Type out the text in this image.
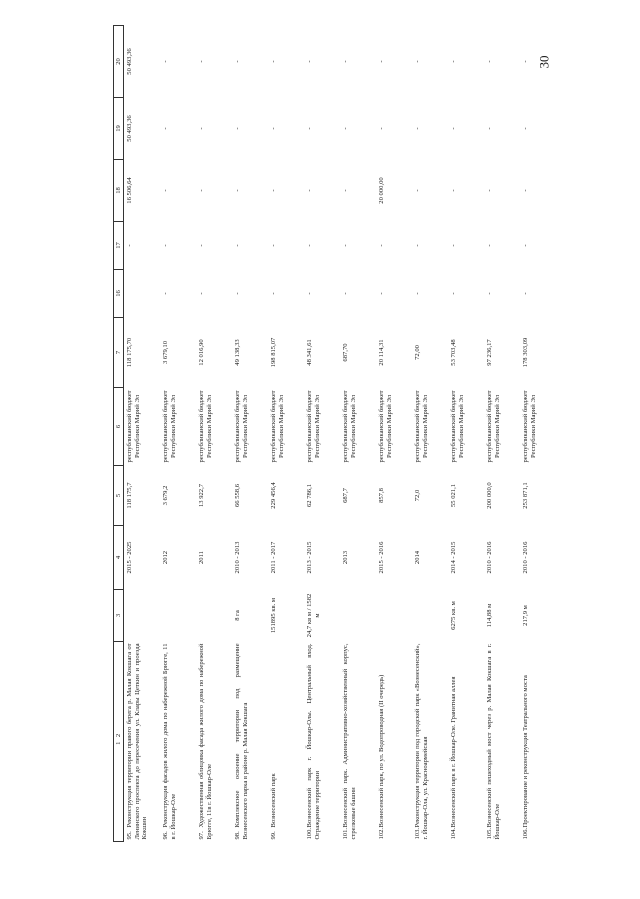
30
12	3	4	5	6	7	16	17	18	19	20
95.Реконструкция территории правого берега р. Малая Кокшага от Ленинского проспекта до пересечения ул. Клары Цеткин и проезда Кокшин		2015 - 2025	118 175,7	республиканский бюджет Республики Марий Эл	118 175,70		-	16 506,64	50 493,36	50 493,36
96.Реконструкция фасадов жилого дома по набережной Брюгге, 11 в г. Йошкар-Оле		2012	3 679,2	республиканский бюджет Республики Марий Эл	3 679,10	-	-	-	-	-
97.Художественная облицовка фасада жилого дома по набережной Брюгге, 11в г. Йошкар-Оле		2011	13 922,7	республиканский бюджет Республики Марий Эл	12 016,90	-	-	-	-	-
98.Комплексное освоение территории под размещение Вознесенского парка в районе р. Малая Кокшага	8 га	2010 - 2013	66 558,6	республиканский бюджет Республики Марий Эл	49 138,33	-	-	-	-	-
99.Вознесенский парк	151895 кв. м	2011 - 2017	229 456,4	республиканский бюджет Республики Марий Эл	198 815,07	-	-	-	-	-
100.Вознесенский парк г. Йошкар-Олы. Центральный вход. Ограждение территории	24,7 кв м / 1582 м	2013 - 2015	62 786,1	республиканский бюджет Республики Марий Эл	48 341,61	-	-	-	-	-
101.Вознесенский парк. Административно-хозяйственный корпус, стрелковые башни		2013	687,7	республиканский бюджет Республики Марий Эл	687,70	-	-	-	-	-
102.Вознесенский парк, по ул. Водопроводная (II очередь)		2015 - 2016	857,8	республиканский бюджет Республики Марий Эл	20 114,31	-	-	20 000,00	-	-
103.Реконструкция территории под городской парк «Вознесенский», г. Йошкар-Ола, ул. Красноармейская		2014	72,0	республиканский бюджет Республики Марий Эл	72,00	-	-	-	-	-
104.Вознесенский парк в г. Йошкар-Оле. Гранитная аллея	6275 кв. м	2014 - 2015	55 021,1	республиканский бюджет Республики Марий Эл	53 703,48	-	-	-	-	-
105.Вознесенский пешеходный мост через р. Малая Кокшага в г. Йошкар-Оле	114,88 м	2010 - 2016	200 000,0	республиканский бюджет Республики Марий Эл	97 236,17	-	-	-	-	-
106.Проектирование и реконструкция Театрального моста	217,9 м	2010 - 2016	253 871,1	республиканский бюджет Республики Марий Эл	178 303,09	-	-	-	-	-
